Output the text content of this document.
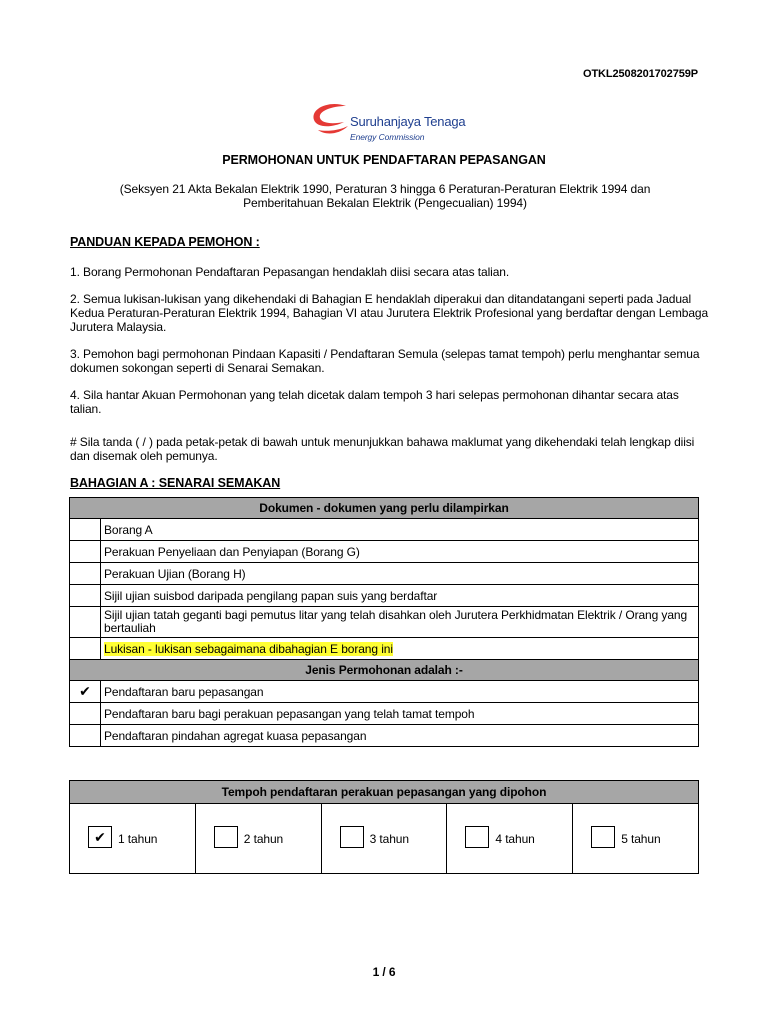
OTKL2508201702759P
Suruhanjaya Tenaga
Energy Commission
PERMOHONAN UNTUK PENDAFTARAN PEPASANGAN
(Seksyen 21 Akta Bekalan Elektrik 1990, Peraturan 3 hingga 6 Peraturan-Peraturan Elektrik 1994 dan Pemberitahuan Bekalan Elektrik (Pengecualian) 1994)
PANDUAN KEPADA PEMOHON :
1. Borang Permohonan Pendaftaran Pepasangan hendaklah diisi secara atas talian.
2. Semua lukisan-lukisan yang dikehendaki di Bahagian E hendaklah diperakui dan ditandatangani seperti pada Jadual Kedua Peraturan-Peraturan Elektrik 1994, Bahagian VI atau Jurutera Elektrik Profesional yang berdaftar dengan Lembaga Jurutera Malaysia.
3. Pemohon bagi permohonan Pindaan Kapasiti / Pendaftaran Semula (selepas tamat tempoh) perlu menghantar semua dokumen sokongan seperti di Senarai Semakan.
4. Sila hantar Akuan Permohonan yang telah dicetak dalam tempoh 3 hari selepas permohonan dihantar secara atas talian.
# Sila tanda ( / ) pada petak-petak di bawah untuk menunjukkan bahawa maklumat yang dikehendaki telah lengkap diisi dan disemak oleh pemunya.
BAHAGIAN A : SENARAI SEMAKAN
Dokumen - dokumen yang perlu dilampirkan	
	Borang A
	Perakuan Penyeliaan dan Penyiapan (Borang G)
	Perakuan Ujian (Borang H)
	Sijil ujian suisbod daripada pengilang papan suis yang berdaftar
	Sijil ujian tatah geganti bagi pemutus litar yang telah disahkan oleh Jurutera Perkhidmatan Elektrik / Orang yang bertauliah
	Lukisan - lukisan sebagaimana dibahagian E borang ini
Jenis Permohonan adalah :-	
✔	Pendaftaran baru pepasangan
	Pendaftaran baru bagi perakuan pepasangan yang telah tamat tempoh
	Pendaftaran pindahan agregat kuasa pepasangan
Tempoh pendaftaran perakuan pepasangan yang dipohon
✔	1 tahun	2 tahun	3 tahun	4 tahun	5 tahun
1 / 6
